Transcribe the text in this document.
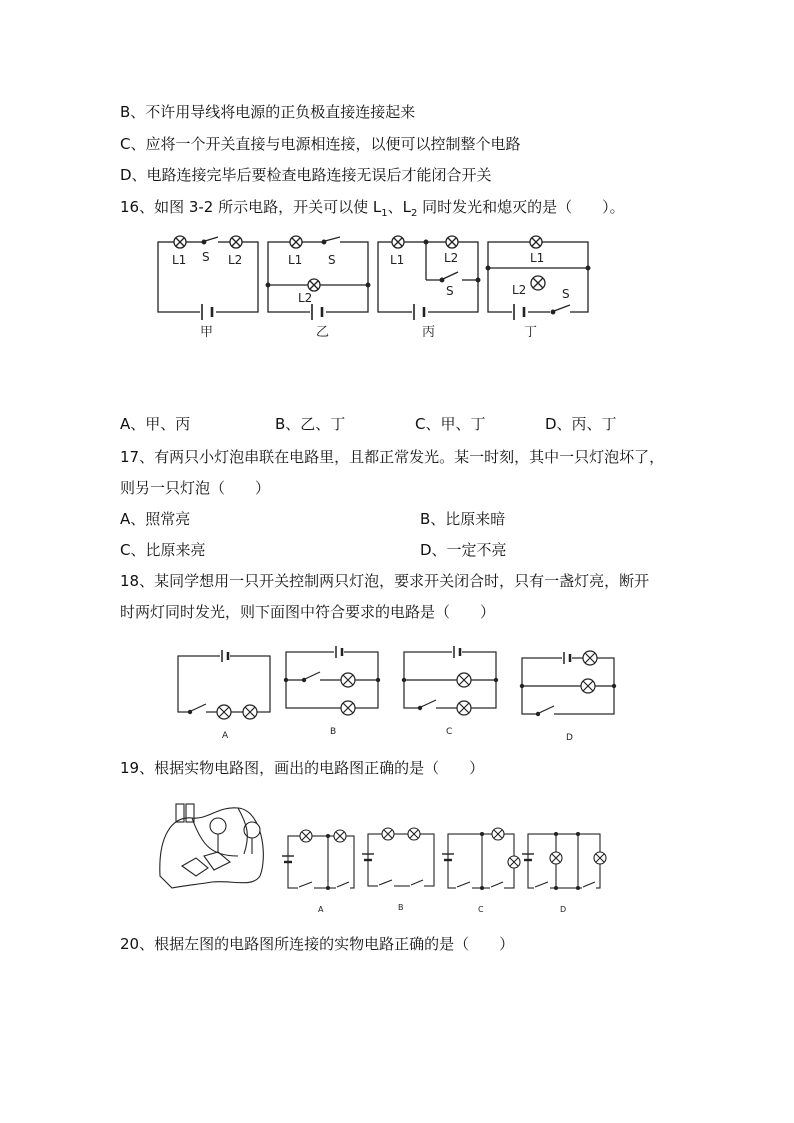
B、不许用导线将电源的正负极直接连接起来
C、应将一个开关直接与电源相连接，以便可以控制整个电路
D、电路连接完毕后要检查电路连接无误后才能闭合开关
16、如图 3-2 所示电路，开关可以使 $L_1$、$L_2$ 同时发光和熄灭的是（　　）。
L1 S L2
甲
L1 S
L2
乙
L1	L2
S
丙
L1
L2	S
丁
A、甲、丙	B、乙、丁	C、甲、丁	D、丙、丁
17、有两只小灯泡串联在电路里，且都正常发光。某一时刻，其中一只灯泡坏了，
则另一只灯泡（　　）
A、照常亮	B、比原来暗
C、比原来亮	D、一定不亮
18、某同学想用一只开关控制两只灯泡，要求开关闭合时，只有一盏灯亮，断开
时两灯同时发光，则下面图中符合要求的电路是（　　）
A	B	C
D
19、根据实物电路图，画出的电路图正确的是（　　）
A	B	C	D
20、根据左图的电路图所连接的实物电路正确的是（　　）
